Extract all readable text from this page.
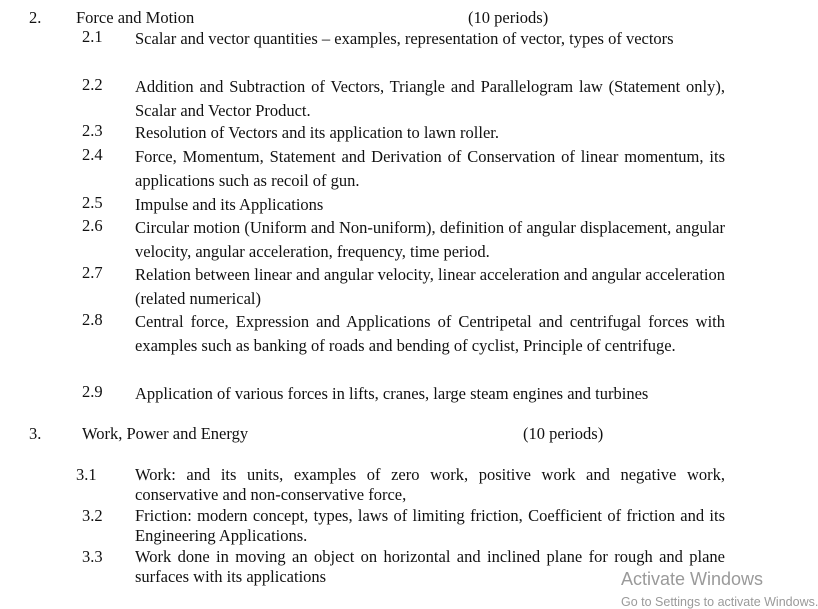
2. Force and Motion	(10 periods)
2.1 Scalar and vector quantities – examples, representation of vector, types of vectors
2.2 Addition and Subtraction of Vectors, Triangle and Parallelogram law (Statement only), Scalar and Vector Product.
2.3 Resolution of Vectors and its application to lawn roller.
2.4 Force, Momentum, Statement and Derivation of Conservation of linear momentum, its applications such as recoil of gun.
2.5 Impulse and its Applications
2.6 Circular motion (Uniform and Non-uniform), definition of angular displacement, angular velocity, angular acceleration, frequency, time period.
2.7 Relation between linear and angular velocity, linear acceleration and angular acceleration (related numerical)
2.8 Central force, Expression and Applications of Centripetal and centrifugal forces with examples such as banking of roads and bending of cyclist, Principle of centrifuge.
2.9 Application of various forces in lifts, cranes, large steam engines and turbines
3. Work, Power and Energy	(10 periods)
3.1 Work: and its units, examples of zero work, positive work and negative work, conservative and non-conservative force,
3.2 Friction: modern concept, types, laws of limiting friction, Coefficient of friction and its Engineering Applications.
3.3 Work done in moving an object on horizontal and inclined plane for rough and plane surfaces with its applications	Activate Windows
Go to Settings to activate Windows.
